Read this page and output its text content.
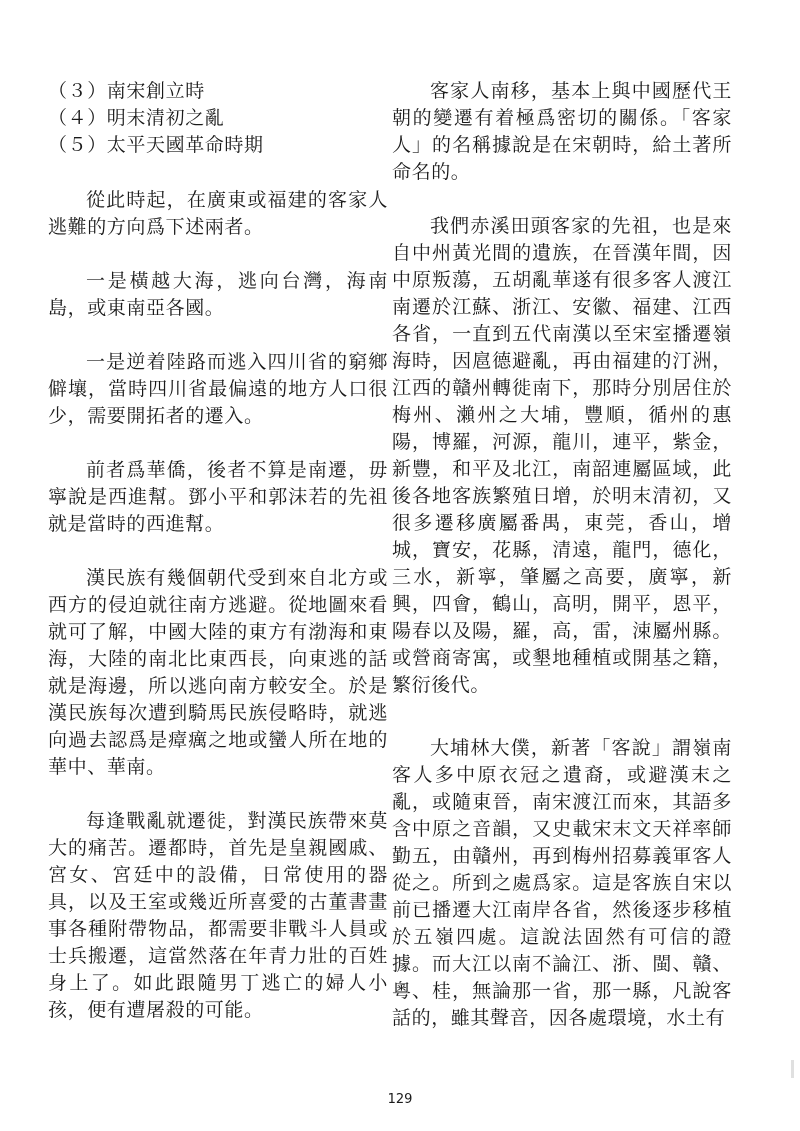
（３）南宋創立時

（４）明末清初之亂

（５）太平天國革命時期

從此時起，在廣東或福建的客家人逃難的方向爲下述兩者。

一是橫越大海，逃向台灣，海南島，或東南亞各國。

一是逆着陸路而逃入四川省的窮鄉僻壤，當時四川省最偏遠的地方人口很少，需要開拓者的遷入。

前者爲華僑，後者不算是南遷，毋寧說是西進幫。鄧小平和郭沫若的先祖就是當時的西進幫。

漢民族有幾個朝代受到來自北方或西方的侵迫就往南方逃避。從地圖來看就可了解，中國大陸的東方有渤海和東海，大陸的南北比東西長，向東逃的話就是海邊，所以逃向南方較安全。於是漢民族每次遭到騎馬民族侵略時，就逃向過去認爲是瘴癘之地或蠻人所在地的華中、華南。

每逢戰亂就遷徙，對漢民族帶來莫大的痛苦。遷都時，首先是皇親國戚、宮女、宮廷中的設備，日常使用的器具，以及王室或幾近所喜愛的古董書畫事各種附帶物品，都需要非戰斗人員或士兵搬遷，這當然落在年青力壯的百姓身上了。如此跟隨男丁逃亡的婦人小孩，便有遭屠殺的可能。

客家人南移，基本上與中國歷代王朝的變遷有着極爲密切的關係。「客家人」的名稱據說是在宋朝時，給土著所命名的。

我們赤溪田頭客家的先祖，也是來自中州黃光間的遺族，在晉漢年間，因中原叛蕩，五胡亂華遂有很多客人渡江南遷於江蘇、浙江、安徽、福建、江西各省，一直到五代南漢以至宋室播遷嶺海時，因扈德避亂，再由福建的汀洲，江西的贛州轉徙南下，那時分別居住於梅州、瀨州之大埔，豐順，循州的惠陽，博羅，河源，龍川，連平，紫金，新豐，和平及北江，南韶連屬區域，此後各地客族繁殖日增，於明末清初，又很多遷移廣屬番禺，東莞，香山，增城，寶安，花縣，清遠，龍門，德化，三水，新寧，肇屬之高要，廣寧，新興，四會，鶴山，高明，開平，恩平，陽春以及陽，羅，高，雷，涑屬州縣。或營商寄寓，或墾地種植或開基之籍，繁衍後代。

大埔林大僕，新著「客說」謂嶺南客人多中原衣冠之遺裔，或避漢末之亂，或隨東晉，南宋渡江而來，其語多含中原之音韻，又史載宋末文天祥率師勤五，由贛州，再到梅州招募義軍客人從之。所到之處爲家。這是客族自宋以前已播遷大江南岸各省，然後逐步移植於五嶺四處。這說法固然有可信的證據。而大江以南不論江、浙、閩、贛、粵、桂，無論那一省，那一縣，凡說客話的，雖其聲音，因各處環境，水土有

129
